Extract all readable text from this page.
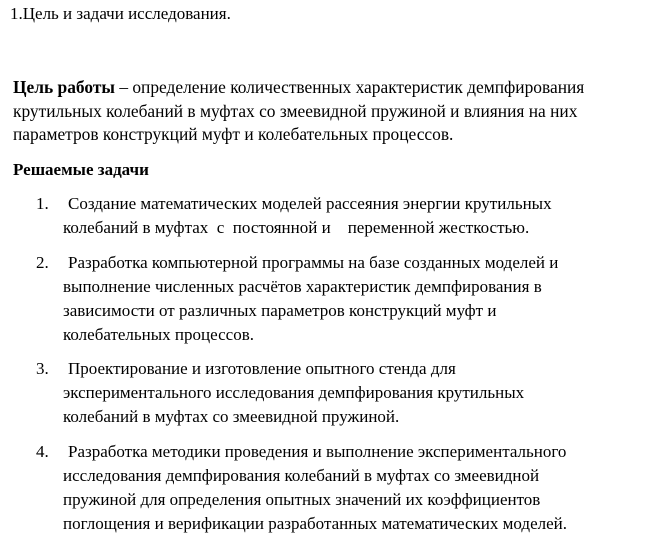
1.Цель и задачи исследования.
Цель работы – определение количественных характеристик демпфирования
крутильных колебаний в муфтах со змеевидной пружиной и влияния на них
параметров конструкций муфт и колебательных процессов.
Решаемые задачи
1. Создание математических моделей рассеяния энергии крутильных
колебаний в муфтах  с  постоянной и    переменной жесткостью.
2. Разработка компьютерной программы на базе созданных моделей и
выполнение численных расчётов характеристик демпфирования в
зависимости от различных параметров конструкций муфт и
колебательных процессов.
3. Проектирование и изготовление опытного стенда для
экспериментального исследования демпфирования крутильных
колебаний в муфтах со змеевидной пружиной.
4. Разработка методики проведения и выполнение экспериментального
исследования демпфирования колебаний в муфтах со змеевидной
пружиной для определения опытных значений их коэффициентов
поглощения и верификации разработанных математических моделей.
